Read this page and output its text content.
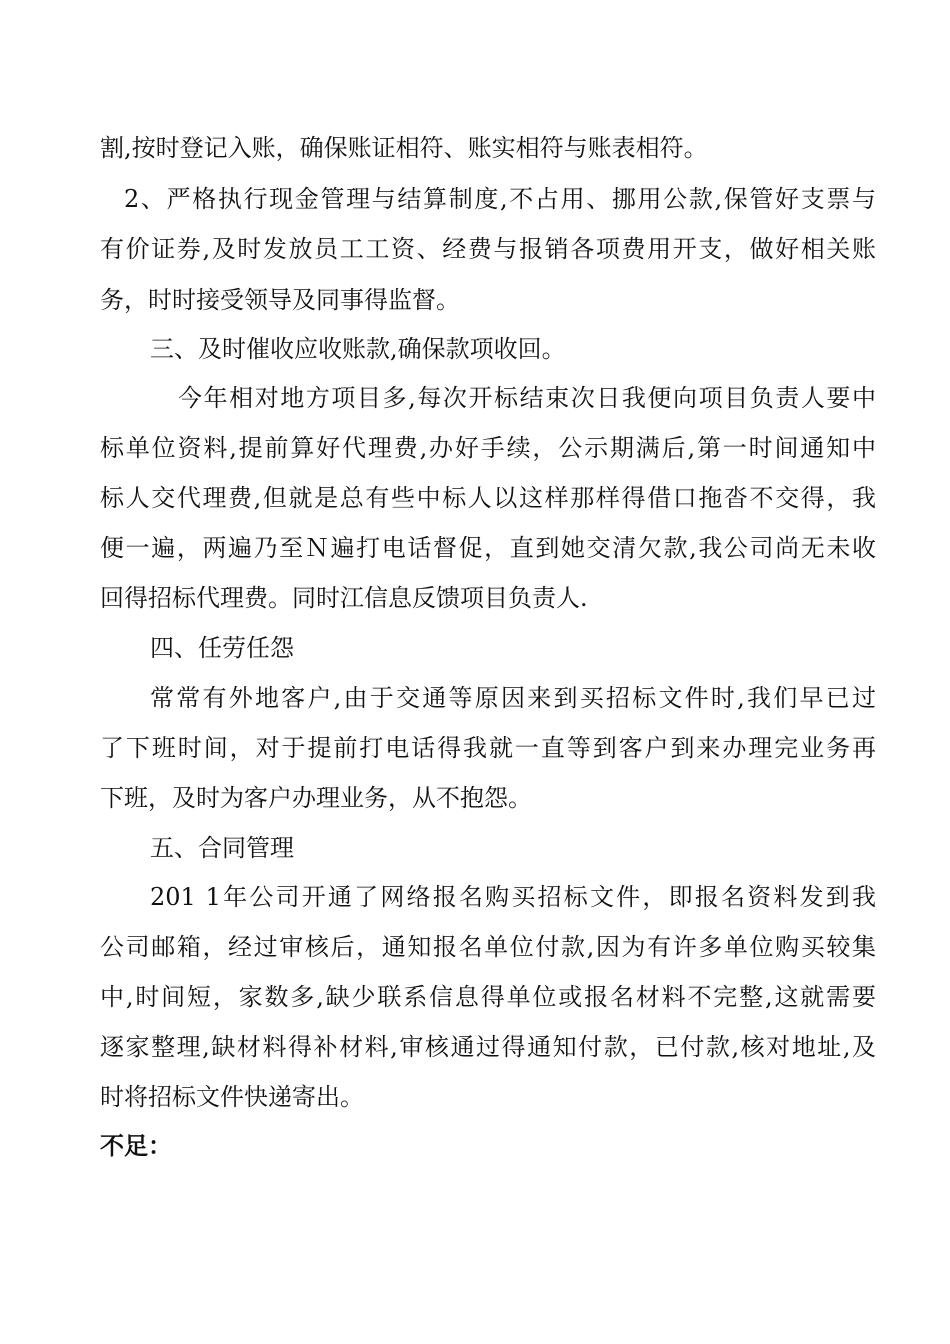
割,按时登记入账，确保账证相符、账实相符与账表相符。
2、严格执行现金管理与结算制度,不占用、挪用公款,保管好支票与
有价证券,及时发放员工工资、经费与报销各项费用开支，做好相关账
务，时时接受领导及同事得监督。
三、及时催收应收账款,确保款项收回。
今年相对地方项目多,每次开标结束次日我便向项目负责人要中
标单位资料,提前算好代理费,办好手续，公示期满后,第一时间通知中
标人交代理费,但就是总有些中标人以这样那样得借口拖沓不交得，我
便一遍，两遍乃至Ｎ遍打电话督促，直到她交清欠款,我公司尚无未收
回得招标代理费。同时江信息反馈项目负责人.
四、任劳任怨
常常有外地客户,由于交通等原因来到买招标文件时,我们早已过
了下班时间，对于提前打电话得我就一直等到客户到来办理完业务再
下班，及时为客户办理业务，从不抱怨。
五、合同管理
201 1年公司开通了网络报名购买招标文件，即报名资料发到我
公司邮箱，经过审核后，通知报名单位付款,因为有许多单位购买较集
中,时间短，家数多,缺少联系信息得单位或报名材料不完整,这就需要
逐家整理,缺材料得补材料,审核通过得通知付款，已付款,核对地址,及
时将招标文件快递寄出。
不足：
